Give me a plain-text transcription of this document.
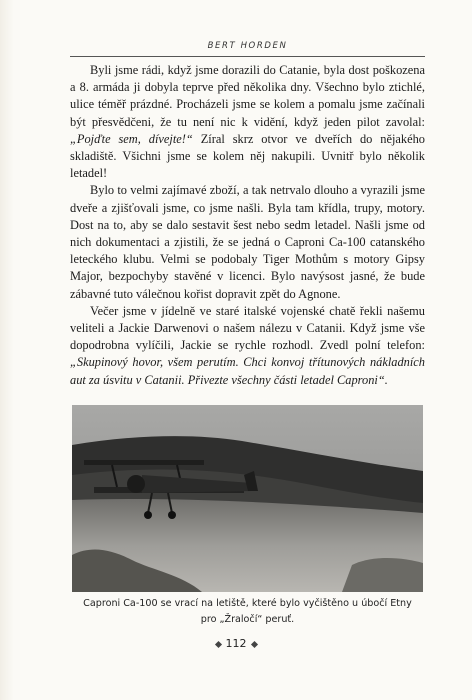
BERT HORDEN

Byli jsme rádi, když jsme dorazili do Catanie, byla dost poškozena a 8. armáda ji dobyla teprve před několika dny. Všechno bylo ztichlé, ulice téměř prázdné. Procházeli jsme se kolem a pomalu jsme začínali být přesvědčeni, že tu není nic k vidění, když jeden pilot zavolal: „Pojďte sem, dívejte!“ Zíral skrz otvor ve dveřích do nějakého skladiště. Všichni jsme se kolem něj nakupili. Uvnitř bylo několik letadel!

Bylo to velmi zajímavé zboží, a tak netrvalo dlouho a vyrazili jsme dveře a zjišťovali jsme, co jsme našli. Byla tam křídla, trupy, motory. Dost na to, aby se dalo sestavit šest nebo sedm letadel. Našli jsme od nich dokumentaci a zjistili, že se jedná o Caproni Ca-100 catanského leteckého klubu. Velmi se podobaly Tiger Mothům s motory Gipsy Major, bezpochyby stavěné v licenci. Bylo navýsost jasné, že bude zábavné tuto válečnou kořist dopravit zpět do Agnone.

Večer jsme v jídelně ve staré italské vojenské chatě řekli našemu veliteli a Jackie Darwenovi o našem nálezu v Catanii. Když jsme vše dopodrobna vylíčili, Jackie se rychle rozhodl. Zvedl polní telefon: „Skupinový hovor, všem perutím. Chci konvoj třítunových nákladních aut za úsvitu v Catanii. Přivezte všechny části letadel Caproni“.

Caproni Ca-100 se vrací na letiště, které bylo vyčištěno u úbočí Etny
pro „Žraločí“ peruť.
112
